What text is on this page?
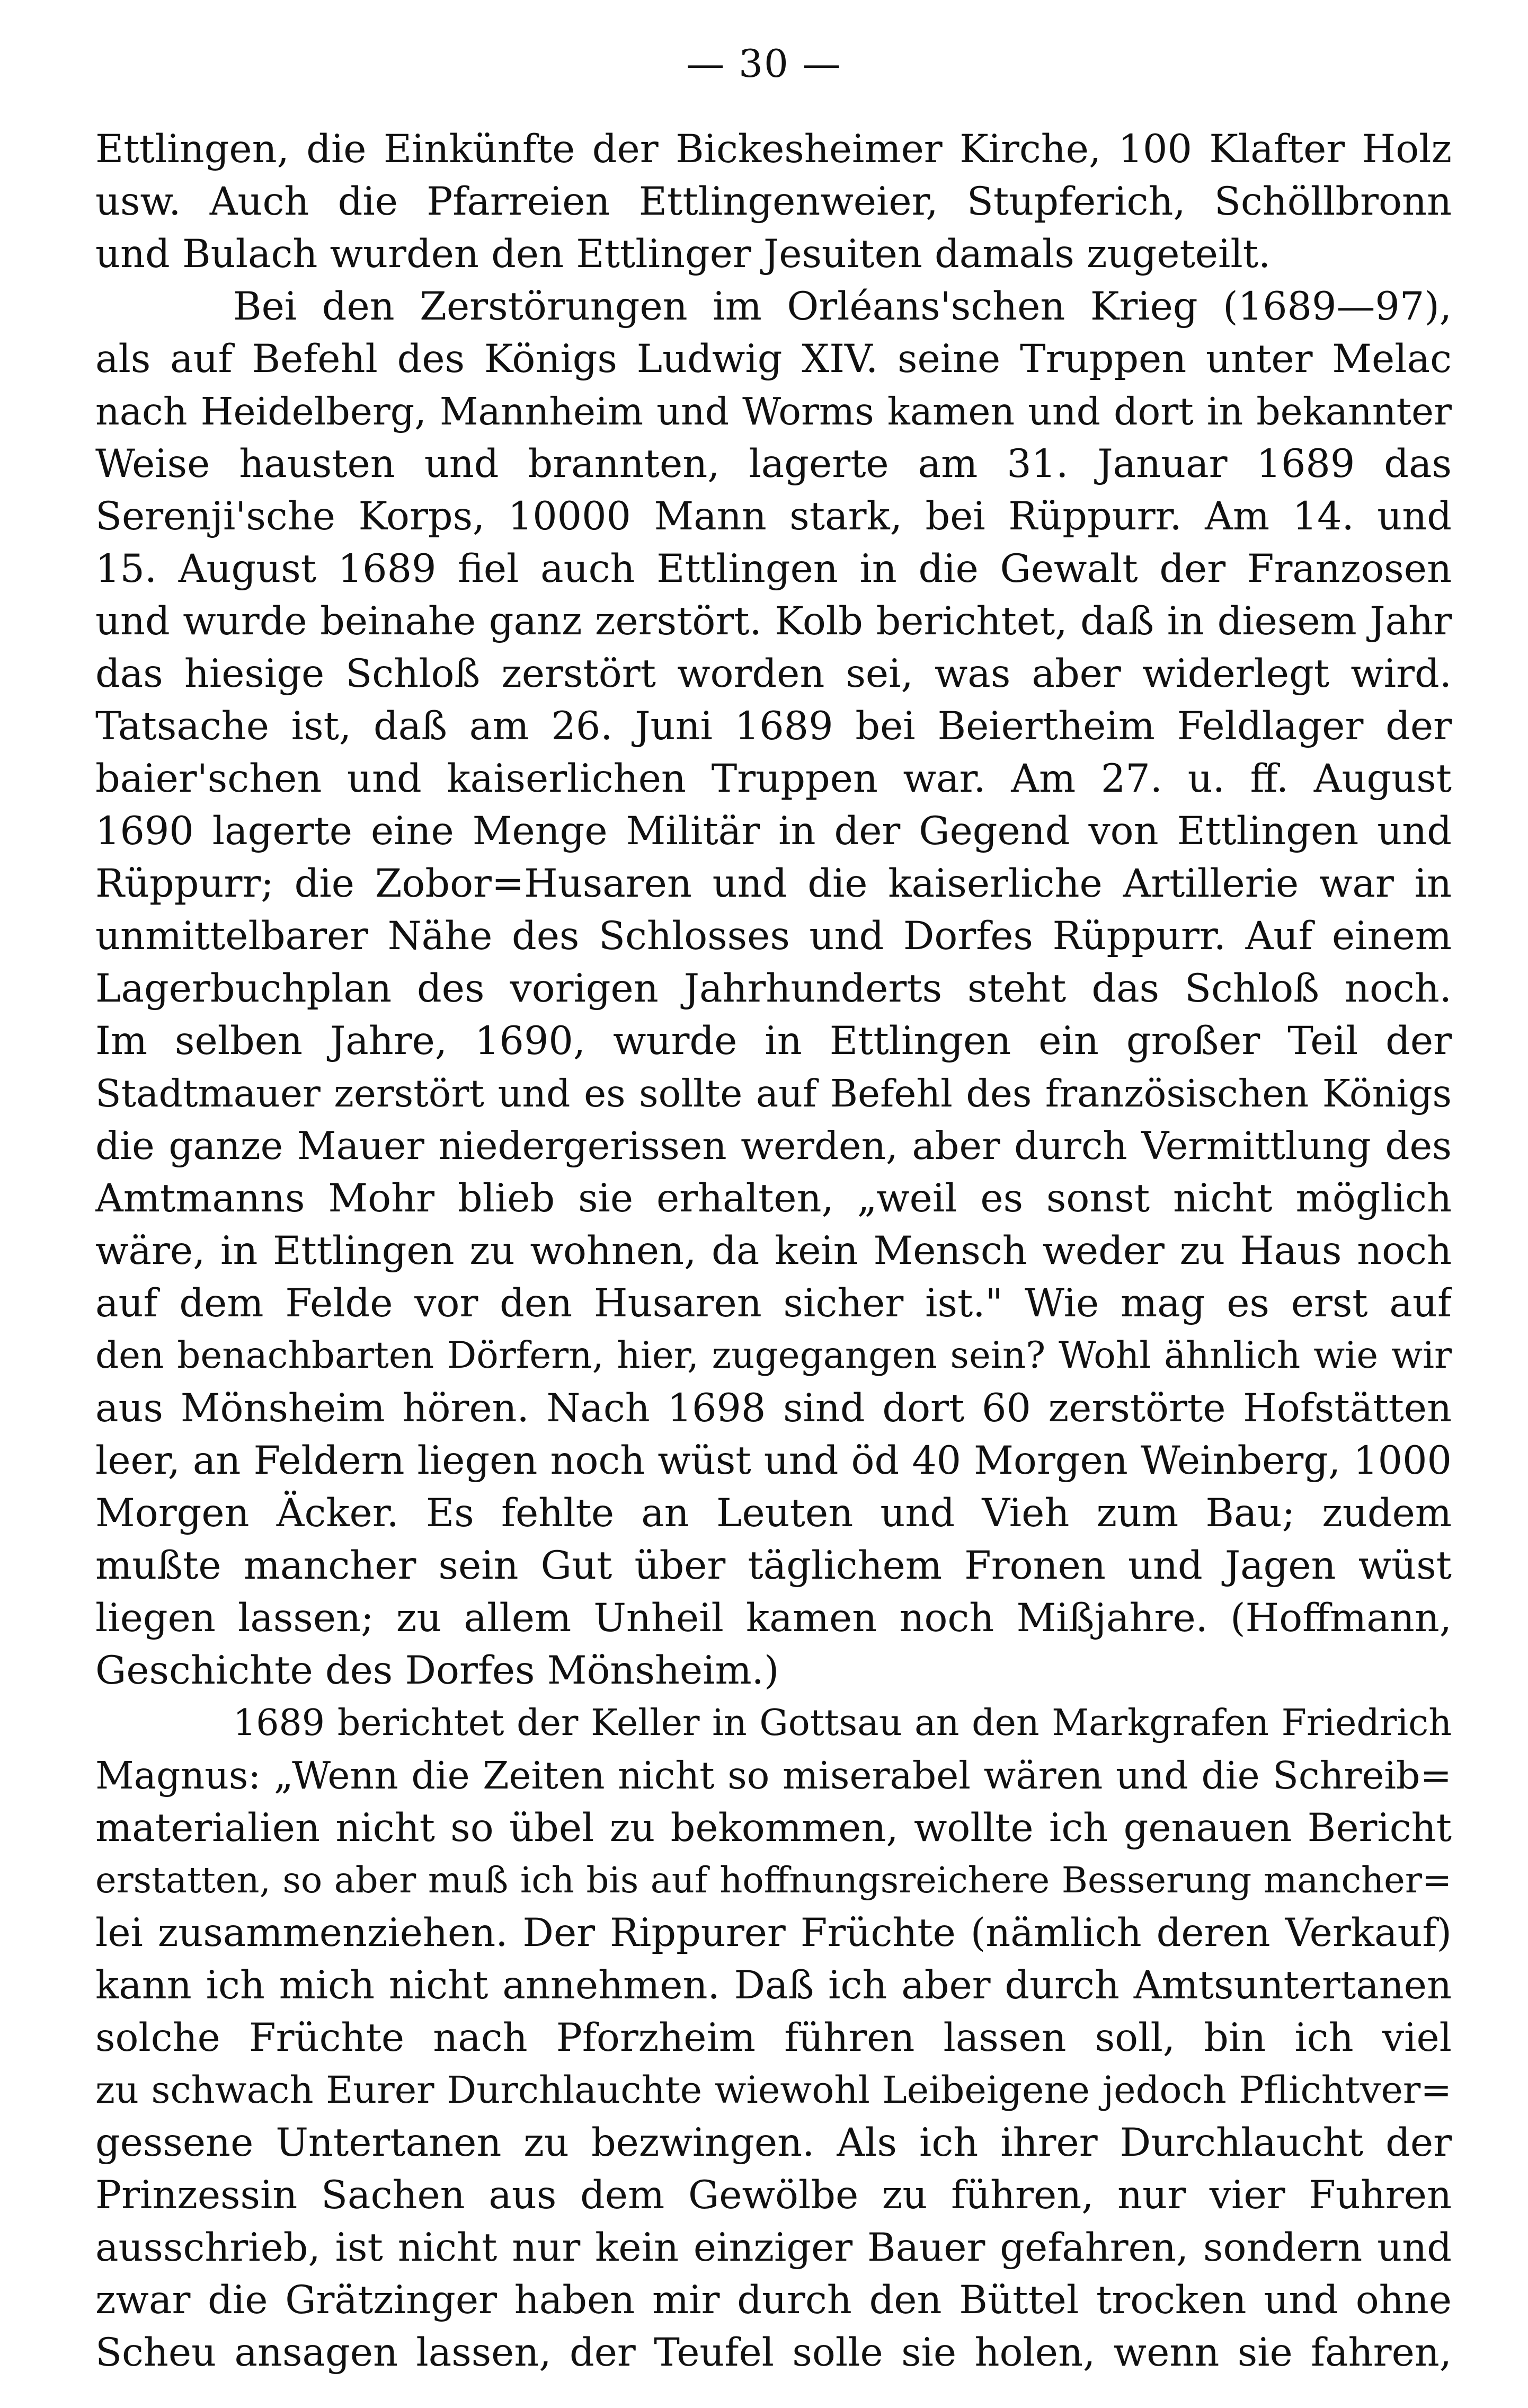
— 30 —
Ettlingen, die Einkünfte der Bickesheimer Kirche, 100 Klafter Holz
usw. Auch die Pfarreien Ettlingenweier, Stupferich, Schöllbronn
und Bulach wurden den Ettlinger Jesuiten damals zugeteilt.
Bei den Zerstörungen im Orléans'schen Krieg (1689—97),
als auf Befehl des Königs Ludwig XIV. seine Truppen unter Melac
nach Heidelberg, Mannheim und Worms kamen und dort in bekannter
Weise hausten und brannten, lagerte am 31. Januar 1689 das
Serenji'sche Korps, 10000 Mann stark, bei Rüppurr. Am 14. und
15. August 1689 fiel auch Ettlingen in die Gewalt der Franzosen
und wurde beinahe ganz zerstört. Kolb berichtet, daß in diesem Jahr
das hiesige Schloß zerstört worden sei, was aber widerlegt wird.
Tatsache ist, daß am 26. Juni 1689 bei Beiertheim Feldlager der
baier'schen und kaiserlichen Truppen war. Am 27. u. ff. August
1690 lagerte eine Menge Militär in der Gegend von Ettlingen und
Rüppurr; die Zobor=Husaren und die kaiserliche Artillerie war in
unmittelbarer Nähe des Schlosses und Dorfes Rüppurr. Auf einem
Lagerbuchplan des vorigen Jahrhunderts steht das Schloß noch.
Im selben Jahre, 1690, wurde in Ettlingen ein großer Teil der
Stadtmauer zerstört und es sollte auf Befehl des französischen Königs
die ganze Mauer niedergerissen werden, aber durch Vermittlung des
Amtmanns Mohr blieb sie erhalten, „weil es sonst nicht möglich
wäre, in Ettlingen zu wohnen, da kein Mensch weder zu Haus noch
auf dem Felde vor den Husaren sicher ist." Wie mag es erst auf
den benachbarten Dörfern, hier, zugegangen sein? Wohl ähnlich wie wir
aus Mönsheim hören. Nach 1698 sind dort 60 zerstörte Hofstätten
leer, an Feldern liegen noch wüst und öd 40 Morgen Weinberg, 1000
Morgen Äcker. Es fehlte an Leuten und Vieh zum Bau; zudem
mußte mancher sein Gut über täglichem Fronen und Jagen wüst
liegen lassen; zu allem Unheil kamen noch Mißjahre. (Hoffmann,
Geschichte des Dorfes Mönsheim.)
1689 berichtet der Keller in Gottsau an den Markgrafen Friedrich
Magnus: „Wenn die Zeiten nicht so miserabel wären und die Schreib=
materialien nicht so übel zu bekommen, wollte ich genauen Bericht
erstatten, so aber muß ich bis auf hoffnungsreichere Besserung mancher=
lei zusammenziehen. Der Rippurer Früchte (nämlich deren Verkauf)
kann ich mich nicht annehmen. Daß ich aber durch Amtsuntertanen
solche Früchte nach Pforzheim führen lassen soll, bin ich viel
zu schwach Eurer Durchlauchte wiewohl Leibeigene jedoch Pflichtver=
gessene Untertanen zu bezwingen. Als ich ihrer Durchlaucht der
Prinzessin Sachen aus dem Gewölbe zu führen, nur vier Fuhren
ausschrieb, ist nicht nur kein einziger Bauer gefahren, sondern und
zwar die Grätzinger haben mir durch den Büttel trocken und ohne
Scheu ansagen lassen, der Teufel solle sie holen, wenn sie fahren,
